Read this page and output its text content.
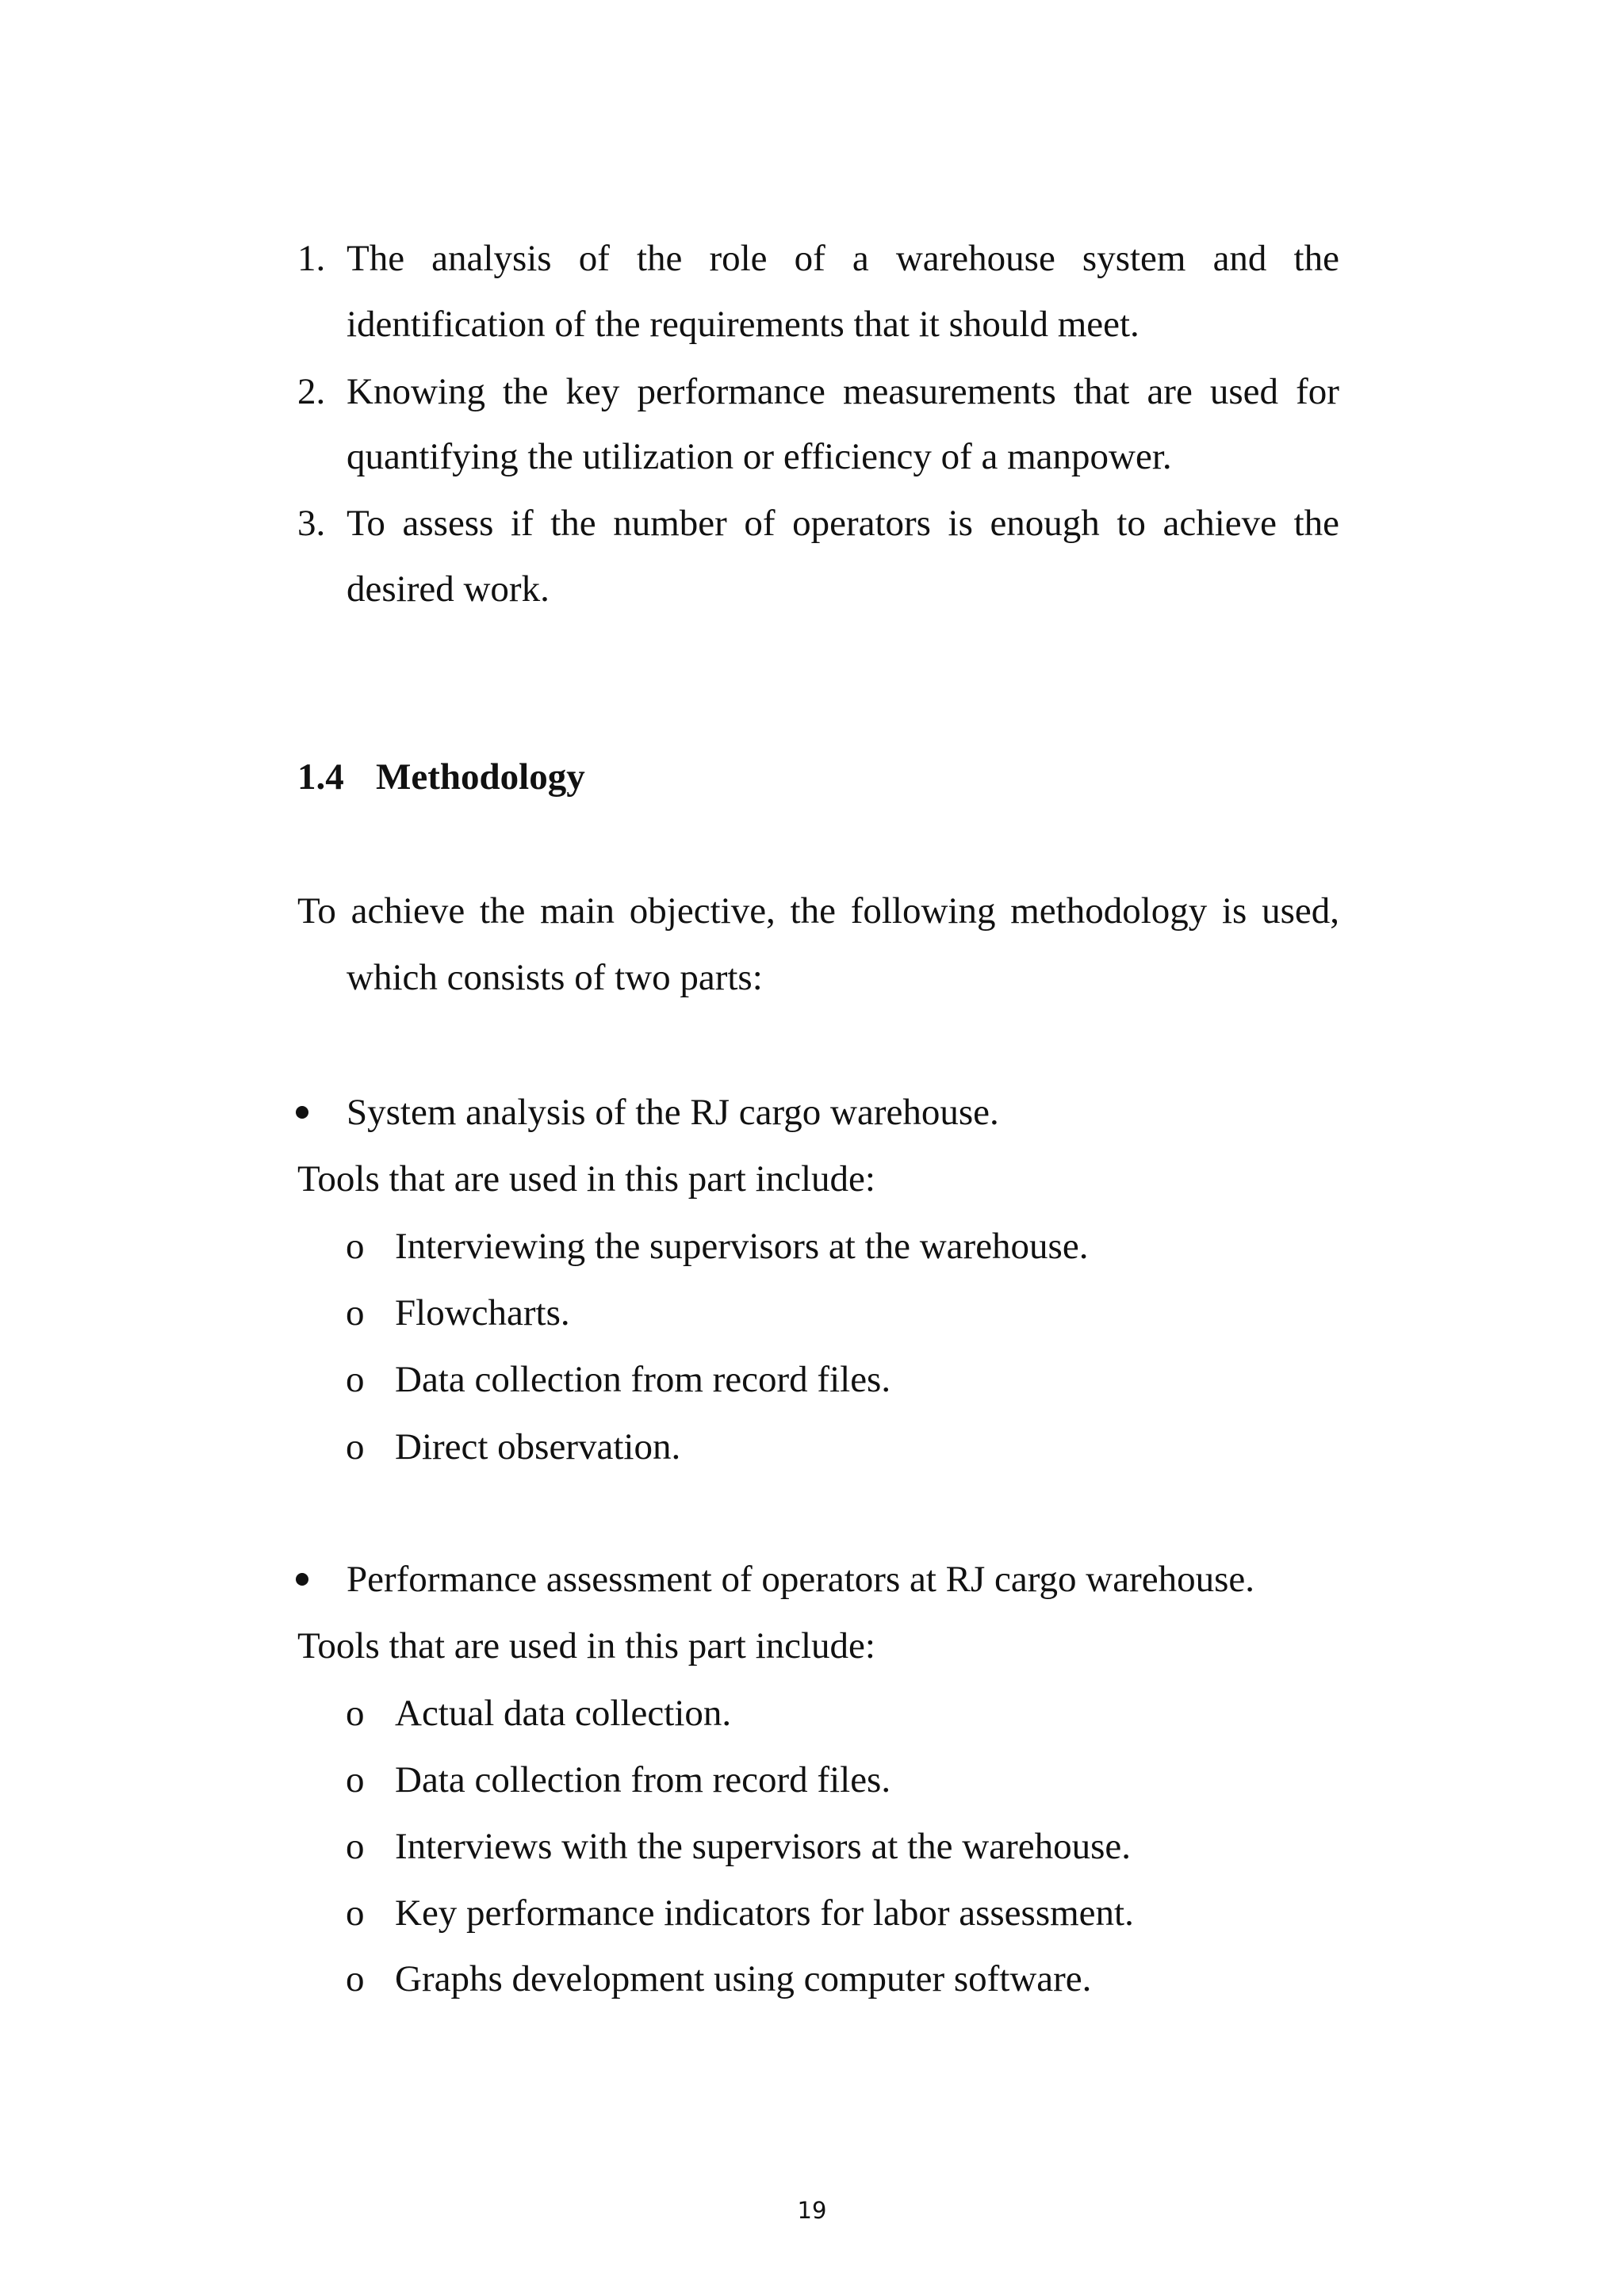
1. The analysis of the role of a warehouse system and the
identification of the requirements that it should meet.
2. Knowing the key performance measurements that are used for
quantifying the utilization or efficiency of a manpower.
3. To assess if the number of operators is enough to achieve the
desired work.
1.4 Methodology
To achieve the main objective, the following methodology is used,
which consists of two parts:
System analysis of the RJ cargo warehouse.
Tools that are used in this part include:
o Interviewing the supervisors at the warehouse.
o Flowcharts.
o Data collection from record files.
o Direct observation.
Performance assessment of operators at RJ cargo warehouse.
Tools that are used in this part include:
o Actual data collection.
o Data collection from record files.
o Interviews with the supervisors at the warehouse.
o Key performance indicators for labor assessment.
o Graphs development using computer software.
19
